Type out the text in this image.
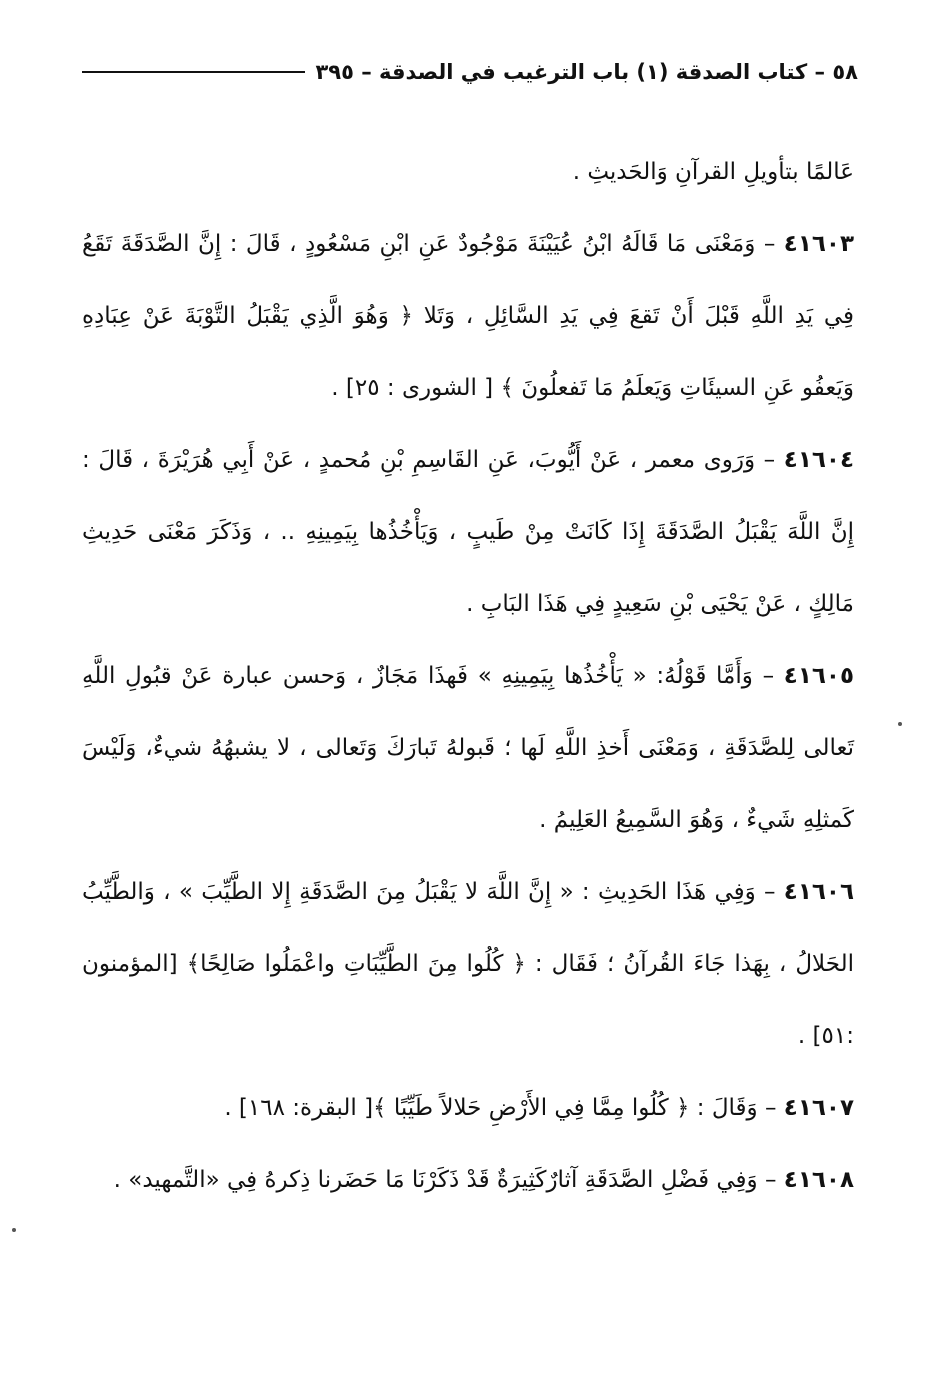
٥٨ – كتاب الصدقة (١) باب الترغيب في الصدقة – ٣٩٥

عَالمًا بتأويلِ القرآنِ وَالحَديثِ .

٤١٦٠٣ – وَمَعْنَى مَا قَالَهُ ابْنُ عُيَيْنَةَ مَوْجُودٌ عَنِ ابْنِ مَسْعُودٍ ، قَالَ : إِنَّ الصَّدَقَةَ تَقَعُ فِي يَدِ اللَّهِ قَبْلَ أَنْ تَقعَ فِي يَدِ السَّائِلِ ، وَتَلا ﴿ وَهُوَ الَّذِي يَقْبَلُ التَّوْبَةَ عَنْ عِبَادِهِ وَيَعفُو عَنِ السيئَاتِ وَيَعلَمُ مَا تَفعلُونَ ﴾ [ الشورى : ٢٥] .

٤١٦٠٤ – وَرَوى معمر ، عَنْ أَيُّوبَ، عَنِ القَاسِمِ بْنِ مُحمدٍ ، عَنْ أَبِي هُرَيْرَةَ ، قَالَ : إِنَّ اللَّهَ يَقْبَلُ الصَّدَقَةَ إِذَا كَانَتْ مِنْ طَيبٍ ، وَيَأْخُذُها بِيَمِينِهِ .. ، وَذَكَرَ مَعْنَى حَدِيثِ مَالِكٍ ، عَنْ يَحْيَى بْنِ سَعِيدٍ فِي هَذَا البَابِ .

٤١٦٠٥ – وَأَمَّا قَوْلُهُ: « يَأْخُذُها بِيَمِينِهِ » فَهذَا مَجَازٌ ، وَحسن عبارة عَنْ قبُولِ اللَّهِ تَعالى لِلصَّدَقَةِ ، وَمَعْنَى أَخذِ اللَّهِ لَها ؛ قَبولهُ تَبارَكَ وَتَعالى ، لا يشبهُهُ شيءٌ، وَلَيْسَ كَمثلِهِ شَيءٌ ، وَهُوَ السَّمِيعُ العَلِيمُ .

٤١٦٠٦ – وَفِي هَذَا الحَدِيثِ : « إِنَّ اللَّهَ لا يَقْبَلُ مِنَ الصَّدَقَةِ إِلا الطَّيِّبَ » ، وَالطَّيِّبُ الحَلالُ ، بِهَذا جَاءَ القُرآنُ ؛ فَقَال : ﴿ كُلُوا مِنَ الطَّيِّبَاتِ واعْمَلُوا صَالِحًا﴾ [المؤمنون :٥١] .

٤١٦٠٧ – وَقَالَ : ﴿ كُلُوا مِمَّا فِي الأَرْضِ حَلالاً طَيِّبًا ﴾[ البقرة: ١٦٨] .

٤١٦٠٨ – وَفِي فَضْلِ الصَّدَقَةِ آثارٌكَثِيرَةٌ قَدْ ذَكَرْنَا مَا حَضَرنا ذِكرهُ فِي «التَّمهيد» .
